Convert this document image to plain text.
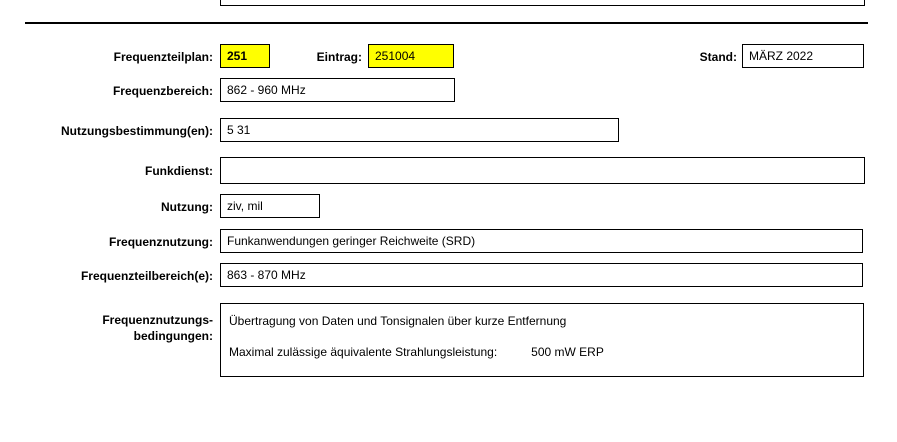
Frequenzteilplan:	251	Eintrag:	251004	Stand:	MÄRZ 2022
Frequenzbereich:	862 - 960 MHz
Nutzungsbestimmung(en):	5 31
Funkdienst:
Nutzung:	ziv, mil
Frequenznutzung:	Funkanwendungen geringer Reichweite (SRD)
Frequenzteilbereich(e):	863 - 870 MHz
Frequenznutzungs-
bedingungen:
Übertragung von Daten und Tonsignalen über kurze Entfernung
Maximal zulässige äquivalente Strahlungsleistung:	500 mW ERP
